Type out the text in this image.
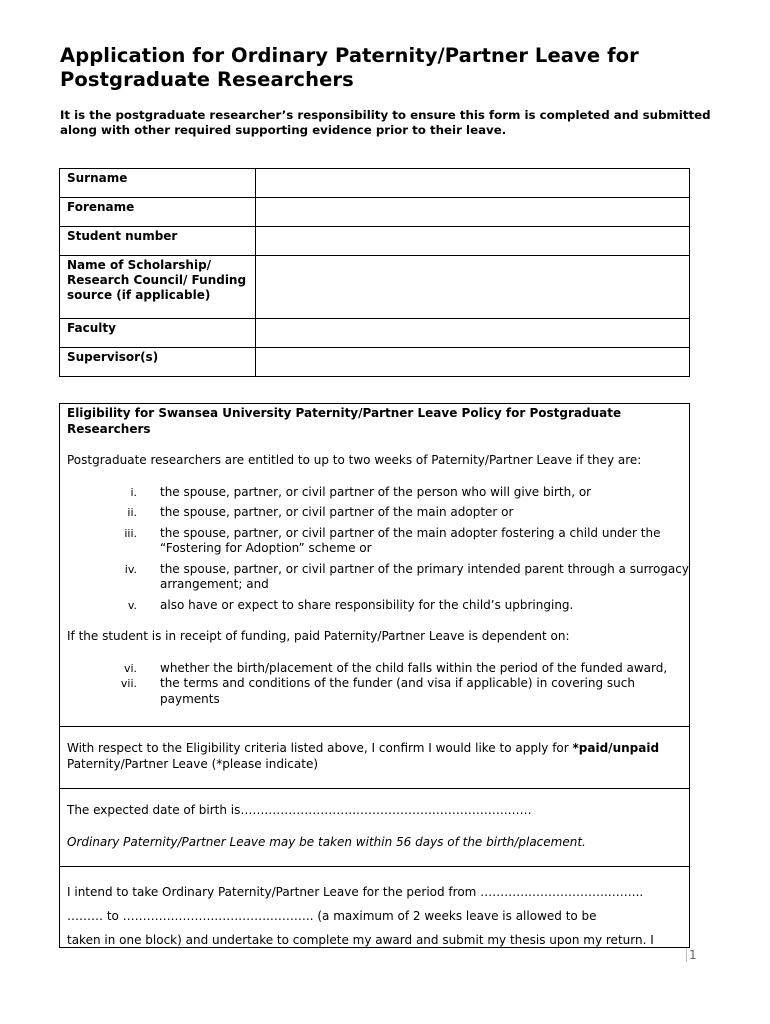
Application for Ordinary Paternity/Partner Leave for Postgraduate Researchers
It is the postgraduate researcher’s responsibility to ensure this form is completed and submitted along with other required supporting evidence prior to their leave.
Surname	
Forename	
Student number	
Name of Scholarship/ Research Council/ Funding source (if applicable)	
Faculty	
Supervisor(s)	

Eligibility for Swansea University Paternity/Partner Leave Policy for Postgraduate Researchers

Postgraduate researchers are entitled to up to two weeks of Paternity/Partner Leave if they are:

i. the spouse, partner, or civil partner of the person who will give birth, or
ii. the spouse, partner, or civil partner of the main adopter or
iii. the spouse, partner, or civil partner of the main adopter fostering a child under the “Fostering for Adoption” scheme or
iv. the spouse, partner, or civil partner of the primary intended parent through a surrogacy arrangement; and
v. also have or expect to share responsibility for the child’s upbringing.

If the student is in receipt of funding, paid Paternity/Partner Leave is dependent on:

vi. whether the birth/placement of the child falls within the period of the funded award,
vii. the terms and conditions of the funder (and visa if applicable) in covering such payments

With respect to the Eligibility criteria listed above, I confirm I would like to apply for *paid/unpaid Paternity/Partner Leave (*please indicate)

The expected date of birth is…….………………….……………….……………….……

Ordinary Paternity/Partner Leave may be taken within 56 days of the birth/placement.

I intend to take Ordinary Paternity/Partner Leave for the period from ………….……………….……...

……… to ………….……….…….…….……….. (a maximum of 2 weeks leave is allowed to be

taken in one block) and undertake to complete my award and submit my thesis upon my return. I

1
